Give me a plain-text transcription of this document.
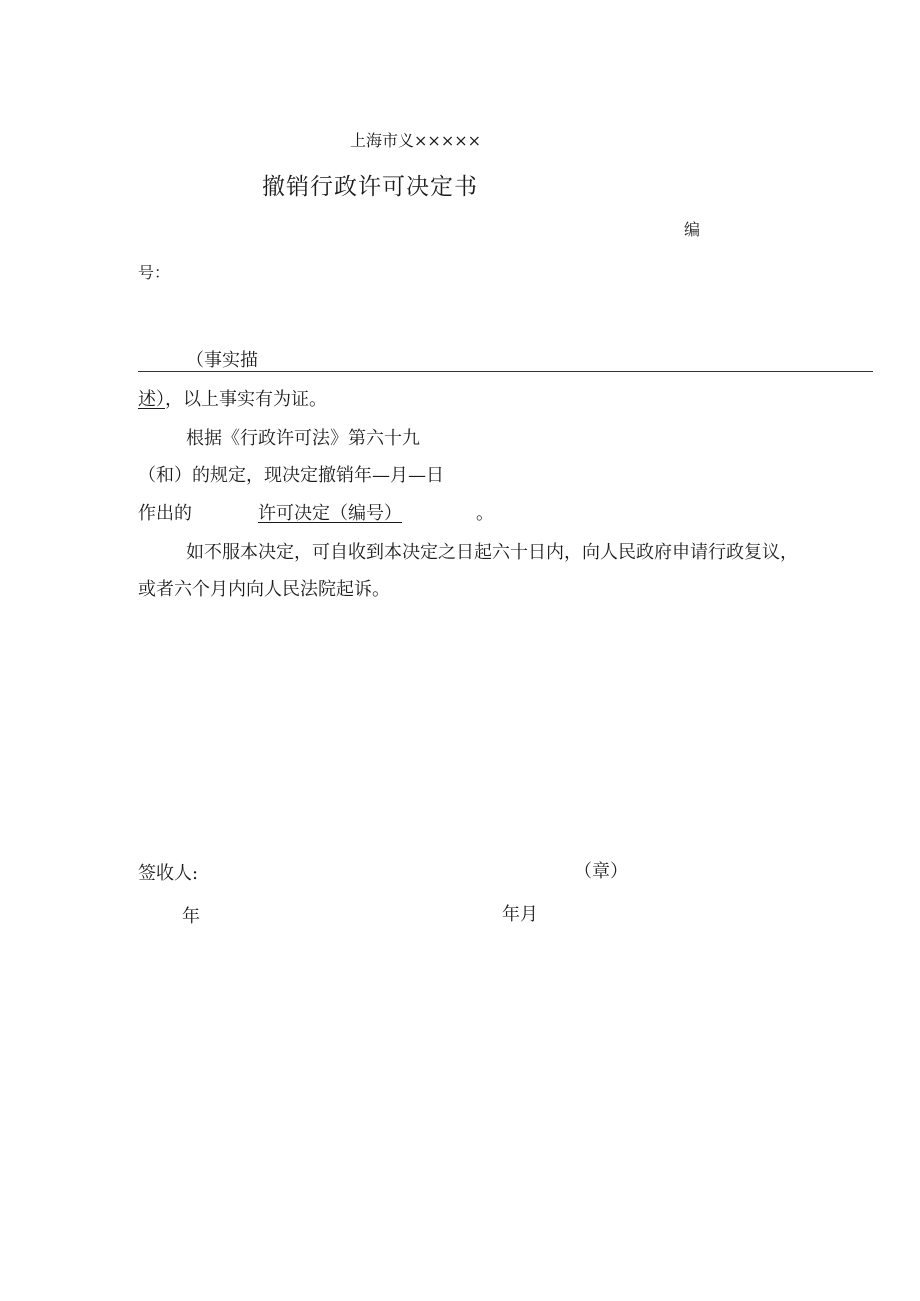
上海市义×××××
撤销行政许可决定书
编
号：
（事实描
述），以上事实有为证。
根据《行政许可法》第六十九
（和）的规定，现决定撤销年—月—日
作出的	许可决定（编号）	。
如不服本决定，可自收到本决定之日起六十日内，向人民政府申请行政复议，
或者六个月内向人民法院起诉。
签收人:	（章）
年	年月
